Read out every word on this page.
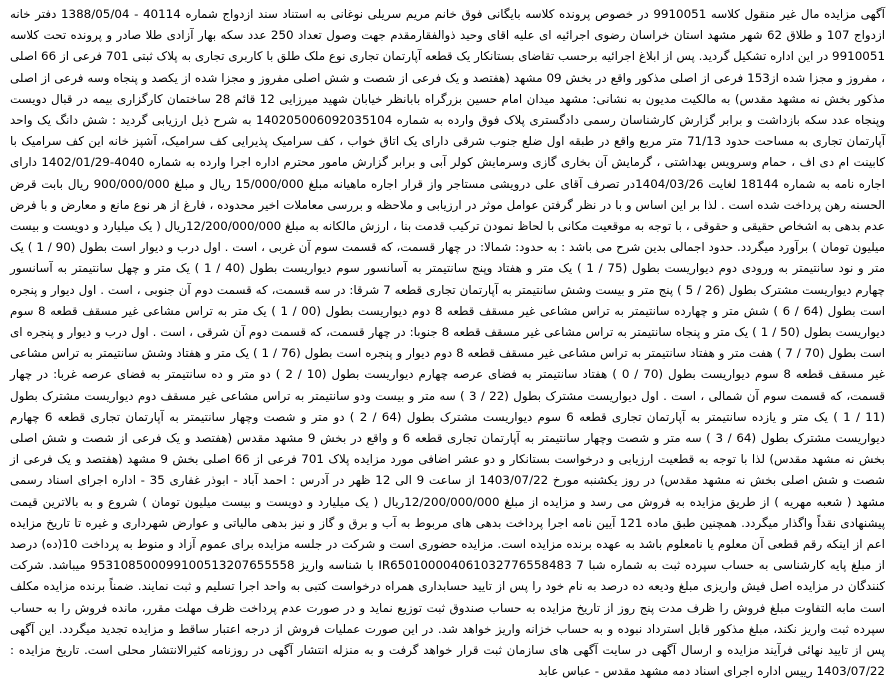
آگهی مزایده مال غیر منقول کلاسه 9910051 در خصوص پرونده کلاسه بایگانی فوق خانم مریم سریلی نوغانی به استناد سند ازدواج شماره 40114 - 1388/05/04 دفتر خانه ازدواج 107 و طلاق 62 شهر مشهد استان خراسان رضوی اجرائیه ای علیه اقای وحید ذوالفقارمقدم جهت وصول تعداد 250 عدد سکه بهار آزادی طلا صادر و پرونده تحت کلاسه 9910051 در این اداره تشکیل گردید. پس از ابلاغ اجرائیه برحسب تقاضای بستانکار یک قطعه آپارتمان تجاری نوع ملک طلق با کاربری تجاری به پلاک ثبتی 701 فرعی از 66 اصلی ، مفروز و مجزا شده از153 فرعی از اصلی مذکور واقع در بخش 09 مشهد (هفتصد و یک فرعی از شصت و شش اصلی مفروز و مجزا شده از یکصد و پنجاه وسه فرعی از اصلی مذکور بخش نه مشهد مقدس) به مالکیت مدیون به نشانی: مشهد میدان امام حسین بزرگراه بابانظر خیابان شهید میرزایی 12 قائم 28 ساختمان کارگزاری بیمه در قبال دویست وپنجاه عدد سکه بازداشت و برابر گزارش کارشناسان رسمی دادگستری پلاک فوق وارده به شماره 140205006092035104 به شرح ذیل ارزیابی گردید : شش دانگ یک واحد آپارتمان تجاری به مساحت حدود 71/13 متر مربع واقع در طبقه اول ضلع جنوب شرقی دارای یک اتاق خواب ، کف سرامیک پذیرایی کف سرامیک، آشپز خانه این کف سرامیک با کابینت ام دی اف ، حمام وسرویس بهداشتی ، گرمایش آن بخاری گازی وسرمایش کولر آبی و برابر گزارش مامور محترم اداره اجرا وارده به شماره 4040-1402/01/29 دارای اجاره نامه به شماره 18144 لغایت 1404/03/26در تصرف آقای علی درویشی مستاجر واز قرار اجاره ماهیانه مبلغ 15/000/000 ریال و مبلغ 900/000/000 ریال بابت قرض الحسنه رهن پرداخت شده است . لذا بر این اساس و با در نظر گرفتن عوامل موثر در ارزیابی و ملاحظه و بررسی معاملات اخیر محدوده ، فارغ از هر نوع مانع و معارض و با فرض عدم بدهی به اشخاص حقیقی و حقوقی ، با توجه به موقعیت مکانی با لحاظ نمودن ترکیب قدمت بنا ، ارزش مالکانه به مبلغ 12/200/000/000ریال ( یک میلیارد و دویست و بیست میلیون تومان ) برآورد میگردد. حدود اجمالی بدین شرح می باشد : به حدود: شمالا: در چهار قسمت، که قسمت سوم آن غربی ، است . اول درب و دیوار است بطول (90 / 1 ) یک متر و نود سانتیمتر به ورودی دوم دیواریست بطول (75 / 1 ) یک متر و هفتاد وپنج سانتیمتر به آسانسور سوم دیواریست بطول (40 / 1 ) یک متر و چهل سانتیمتر به آسانسور چهارم دیواریست مشترک بطول (26 / 5 ) پنج متر و بیست وشش سانتیمتر به آپارتمان تجاری قطعه 7 شرقا: در سه قسمت، که قسمت دوم آن جنوبی ، است . اول دیوار و پنجره است بطول (64 / 6 ) شش متر و چهارده سانتیمتر به تراس مشاعی غیر مسقف قطعه 8 دوم دیواریست بطول (00 / 1 ) یک متر به تراس مشاعی غیر مسقف قطعه 8 سوم دیواریست بطول (50 / 1 ) یک متر و پنجاه سانتیمتر به تراس مشاعی غیر مسقف قطعه 8 جنوبا: در چهار قسمت، که قسمت دوم آن شرقی ، است . اول درب و دیوار و پنجره ای است بطول (70 / 7 ) هفت متر و هفتاد سانتیمتر به تراس مشاعی غیر مسقف قطعه 8 دوم دیوار و پنجره است بطول (76 / 1 ) یک متر و هفتاد وشش سانتیمتر به تراس مشاعی غیر مسقف قطعه 8 سوم دیواریست بطول (70 / 0 ) هفتاد سانتیمتر به فضای عرصه چهارم دیواریست بطول (10 / 2 ) دو متر و ده سانتیمتر به فضای عرصه غربا: در چهار قسمت، که قسمت سوم آن شمالی ، است . اول دیواریست مشترک بطول (22 / 3 ) سه متر و بیست ودو سانتیمتر به تراس مشاعی غیر مسقف دوم دیواریست مشترک بطول (11 / 1 ) یک متر و یازده سانتیمتر به آپارتمان تجاری قطعه 6 سوم دیواریست مشترک بطول (64 / 2 ) دو متر و شصت وچهار سانتیمتر به آپارتمان تجاری قطعه 6 چهارم دیواریست مشترک بطول (64 / 3 ) سه متر و شصت وچهار سانتیمتر به آپارتمان تجاری قطعه 6 و واقع در بخش 9 مشهد مقدس (هفتصد و یک فرعی از شصت و شش اصلی بخش نه مشهد مقدس) لذا با توجه به قطعیت ارزیابی و درخواست بستانکار و دو عشر اضافی مورد مزایده پلاک 701 فرعی از 66 اصلی بخش 9 مشهد (هفتصد و یک فرعی از شصت و شش اصلی بخش نه مشهد مقدس) در روز یکشنبه مورخ 1403/07/22 از ساعت 9 الی 12 ظهر در آدرس : احمد آباد - ابوذر غفاری 35 - اداره اجرای اسناد رسمی مشهد ( شعبه مهریه ) از طریق مزایده به فروش می رسد و مزایده از مبلغ 12/200/000/000ریال ( یک میلیارد و دویست و بیست میلیون تومان ) شروع و به بالاترین قیمت پیشنهادی نقداً واگذار میگردد. همچنین طبق ماده 121 آیین نامه اجرا پرداخت بدهی های مربوط به آب و برق و گاز و نیز بدهی مالیاتی و عوارض شهرداری و غیره تا تاریخ مزایده اعم از اینکه رقم قطعی آن معلوم یا نامعلوم باشد به عهده برنده مزایده است. مزایده حضوری است و شرکت در جلسه مزایده برای عموم آزاد و منوط به پرداخت 10(ده) درصد از مبلغ پایه کارشناسی به حساب سپرده ثبت به شماره شبا IR650100004061032776558483 7 با شناسه واریز 953108500099100513207655558 میباشد. شرکت کنندگان در مزایده اصل فیش واریزی مبلغ ودیعه ده درصد به نام خود را پس از تایید حسابداری همراه درخواست کتبی به واحد اجرا تسلیم و ثبت نمایند. ضمناً برنده مزایده مکلف است مابه التفاوت مبلغ فروش را ظرف مدت پنج روز از تاریخ مزایده به حساب صندوق ثبت توزیع نماید و در صورت عدم پرداخت ظرف مهلت مقرر، مانده فروش را به حساب سپرده ثبت واریز نکند، مبلغ مذکور قابل استرداد نبوده و به حساب خزانه واریز خواهد شد. در این صورت عملیات فروش از درجه اعتبار ساقط و مزایده تجدید میگردد. این آگهی پس از تایید نهائی فرآیند مزایده و ارسال آگهی در سایت آگهی های سازمان ثبت قرار خواهد گرفت و به منزله انتشار آگهی در روزنامه کثیرالانتشار محلی است. تاریخ مزایده : 1403/07/22 رییس اداره اجرای اسناد دمه مشهد مقدس - عباس عابد
